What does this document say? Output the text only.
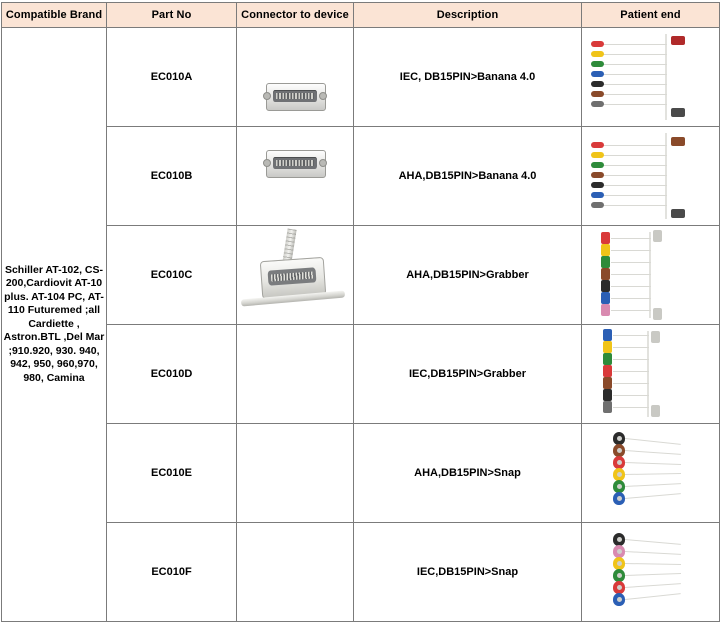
Compatible Brand	Part No	Connector to device	Description	Patient end
Schiller AT-102, CS-200,Cardiovit AT-10 plus. AT-104 PC, AT-110 Futuremed ;all Cardiette , Astron.BTL ,Del Mar ;910.920, 930. 940, 942, 950, 960,970, 980, Camina	EC010A		IEC, DB15PIN>Banana 4.0	

	EC010B		AHA,DB15PIN>Banana 4.0	

	EC010C		AHA,DB15PIN>Grabber	

	EC010D		IEC,DB15PIN>Grabber	

	EC010E		AHA,DB15PIN>Snap	

	EC010F		IEC,DB15PIN>Snap	
